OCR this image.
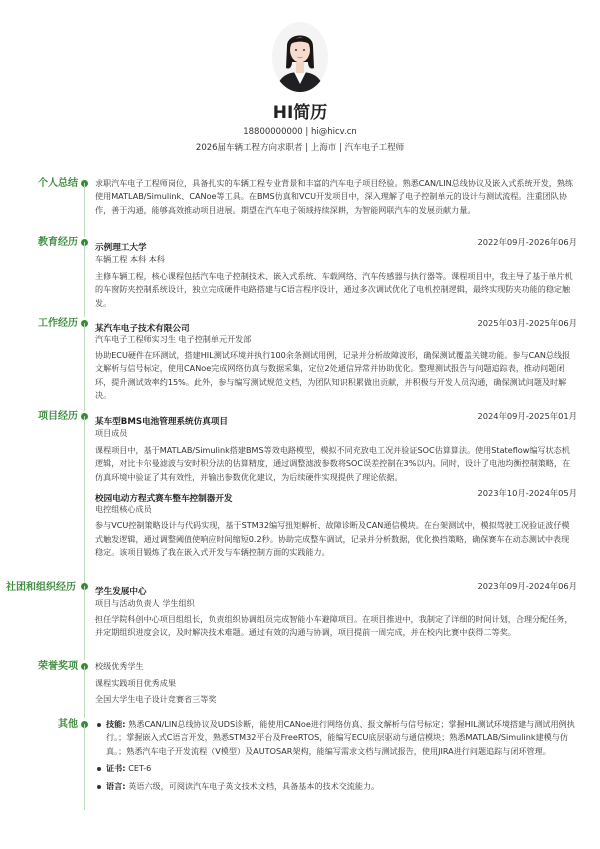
HI简历
18800000000 | hi@hicv.cn
2026届车辆工程方向求职者 | 上海市 | 汽车电子工程师
个人总结 求职汽车电子工程师岗位，具备扎实的车辆工程专业背景和丰富的汽车电子项目经验。熟悉CAN/LIN总线协议及嵌入式系统开发，熟练使用MATLAB/Simulink、CANoe等工具。在BMS仿真和VCU开发项目中，深入理解了电子控制单元的设计与测试流程。注重团队协作，善于沟通，能够高效推动项目进展。期望在汽车电子领域持续深耕，为智能网联汽车的发展贡献力量。
教育经历 示例理工大学
2022年09月-2026年06月
车辆工程 本科 本科
主修车辆工程，核心课程包括汽车电子控制技术、嵌入式系统、车载网络、汽车传感器与执行器等。课程项目中，我主导了基于单片机的车窗防夹控制系统设计，独立完成硬件电路搭建与C语言程序设计，通过多次调试优化了电机控制逻辑，最终实现防夹功能的稳定触发。
工作经历 某汽车电子技术有限公司
2025年03月-2025年06月
汽车电子工程师实习生 电子控制单元开发部
协助ECU硬件在环测试，搭建HIL测试环境并执行100余条测试用例，记录并分析故障波形，确保测试覆盖关键功能。参与CAN总线报文解析与信号标定，使用CANoe完成网络仿真与数据采集，定位2处通信异常并协助优化。整理测试报告与问题追踪表，推动问题闭环，提升测试效率约15%。此外，参与编写测试规范文档，为团队知识积累做出贡献，并积极与开发人员沟通，确保测试问题及时解决。
项目经历 某车型BMS电池管理系统仿真项目
2024年09月-2025年01月
项目成员
课程项目中，基于MATLAB/Simulink搭建BMS等效电路模型，模拟不同充放电工况并验证SOC估算算法。使用Stateflow编写状态机逻辑，对比卡尔曼滤波与安时积分法的估算精度，通过调整滤波参数将SOC误差控制在3%以内。同时，设计了电池均衡控制策略，在仿真环境中验证了其有效性，并输出参数优化建议，为后续硬件实现提供了理论依据。
校园电动方程式赛车整车控制器开发
2023年10月-2024年05月
电控组核心成员
参与VCU控制策略设计与代码实现，基于STM32编写扭矩解析、故障诊断及CAN通信模块。在台架测试中，模拟驾驶工况验证波仔模式触发逻辑，通过调整阈值使响应时间缩短0.2秒。协助完成整车调试，记录并分析数据，优化换挡策略，确保赛车在动态测试中表现稳定。该项目锻炼了我在嵌入式开发与车辆控制方面的实践能力。
社团和组织经历 学生发展中心
2023年09月-2024年06月
项目与活动负责人 学生组织
担任学院科创中心项目组组长，负责组织协调组员完成智能小车避障项目。在项目推进中，我制定了详细的时间计划，合理分配任务，并定期组织进度会议，及时解决技术难题。通过有效的沟通与协调，项目提前一周完成，并在校内比赛中获得二等奖。
荣誉奖项 校级优秀学生
课程实践项目优秀成果
全国大学生电子设计竞赛省三等奖
其他	技能: 熟悉CAN/LIN总线协议及UDS诊断，能使用CANoe进行网络仿真、报文解析与信号标定；掌握HIL测试环境搭建与测试用例执行。；掌握嵌入式C语言开发，熟悉STM32平台及FreeRTOS，能编写ECU底层驱动与通信模块；熟悉MATLAB/Simulink建模与仿真。；熟悉汽车电子开发流程（V模型）及AUTOSAR架构，能编写需求文档与测试报告，使用JIRA进行问题追踪与闭环管理。
证书: CET-6
语言: 英语六级，可阅读汽车电子英文技术文档，具备基本的技术交流能力。
